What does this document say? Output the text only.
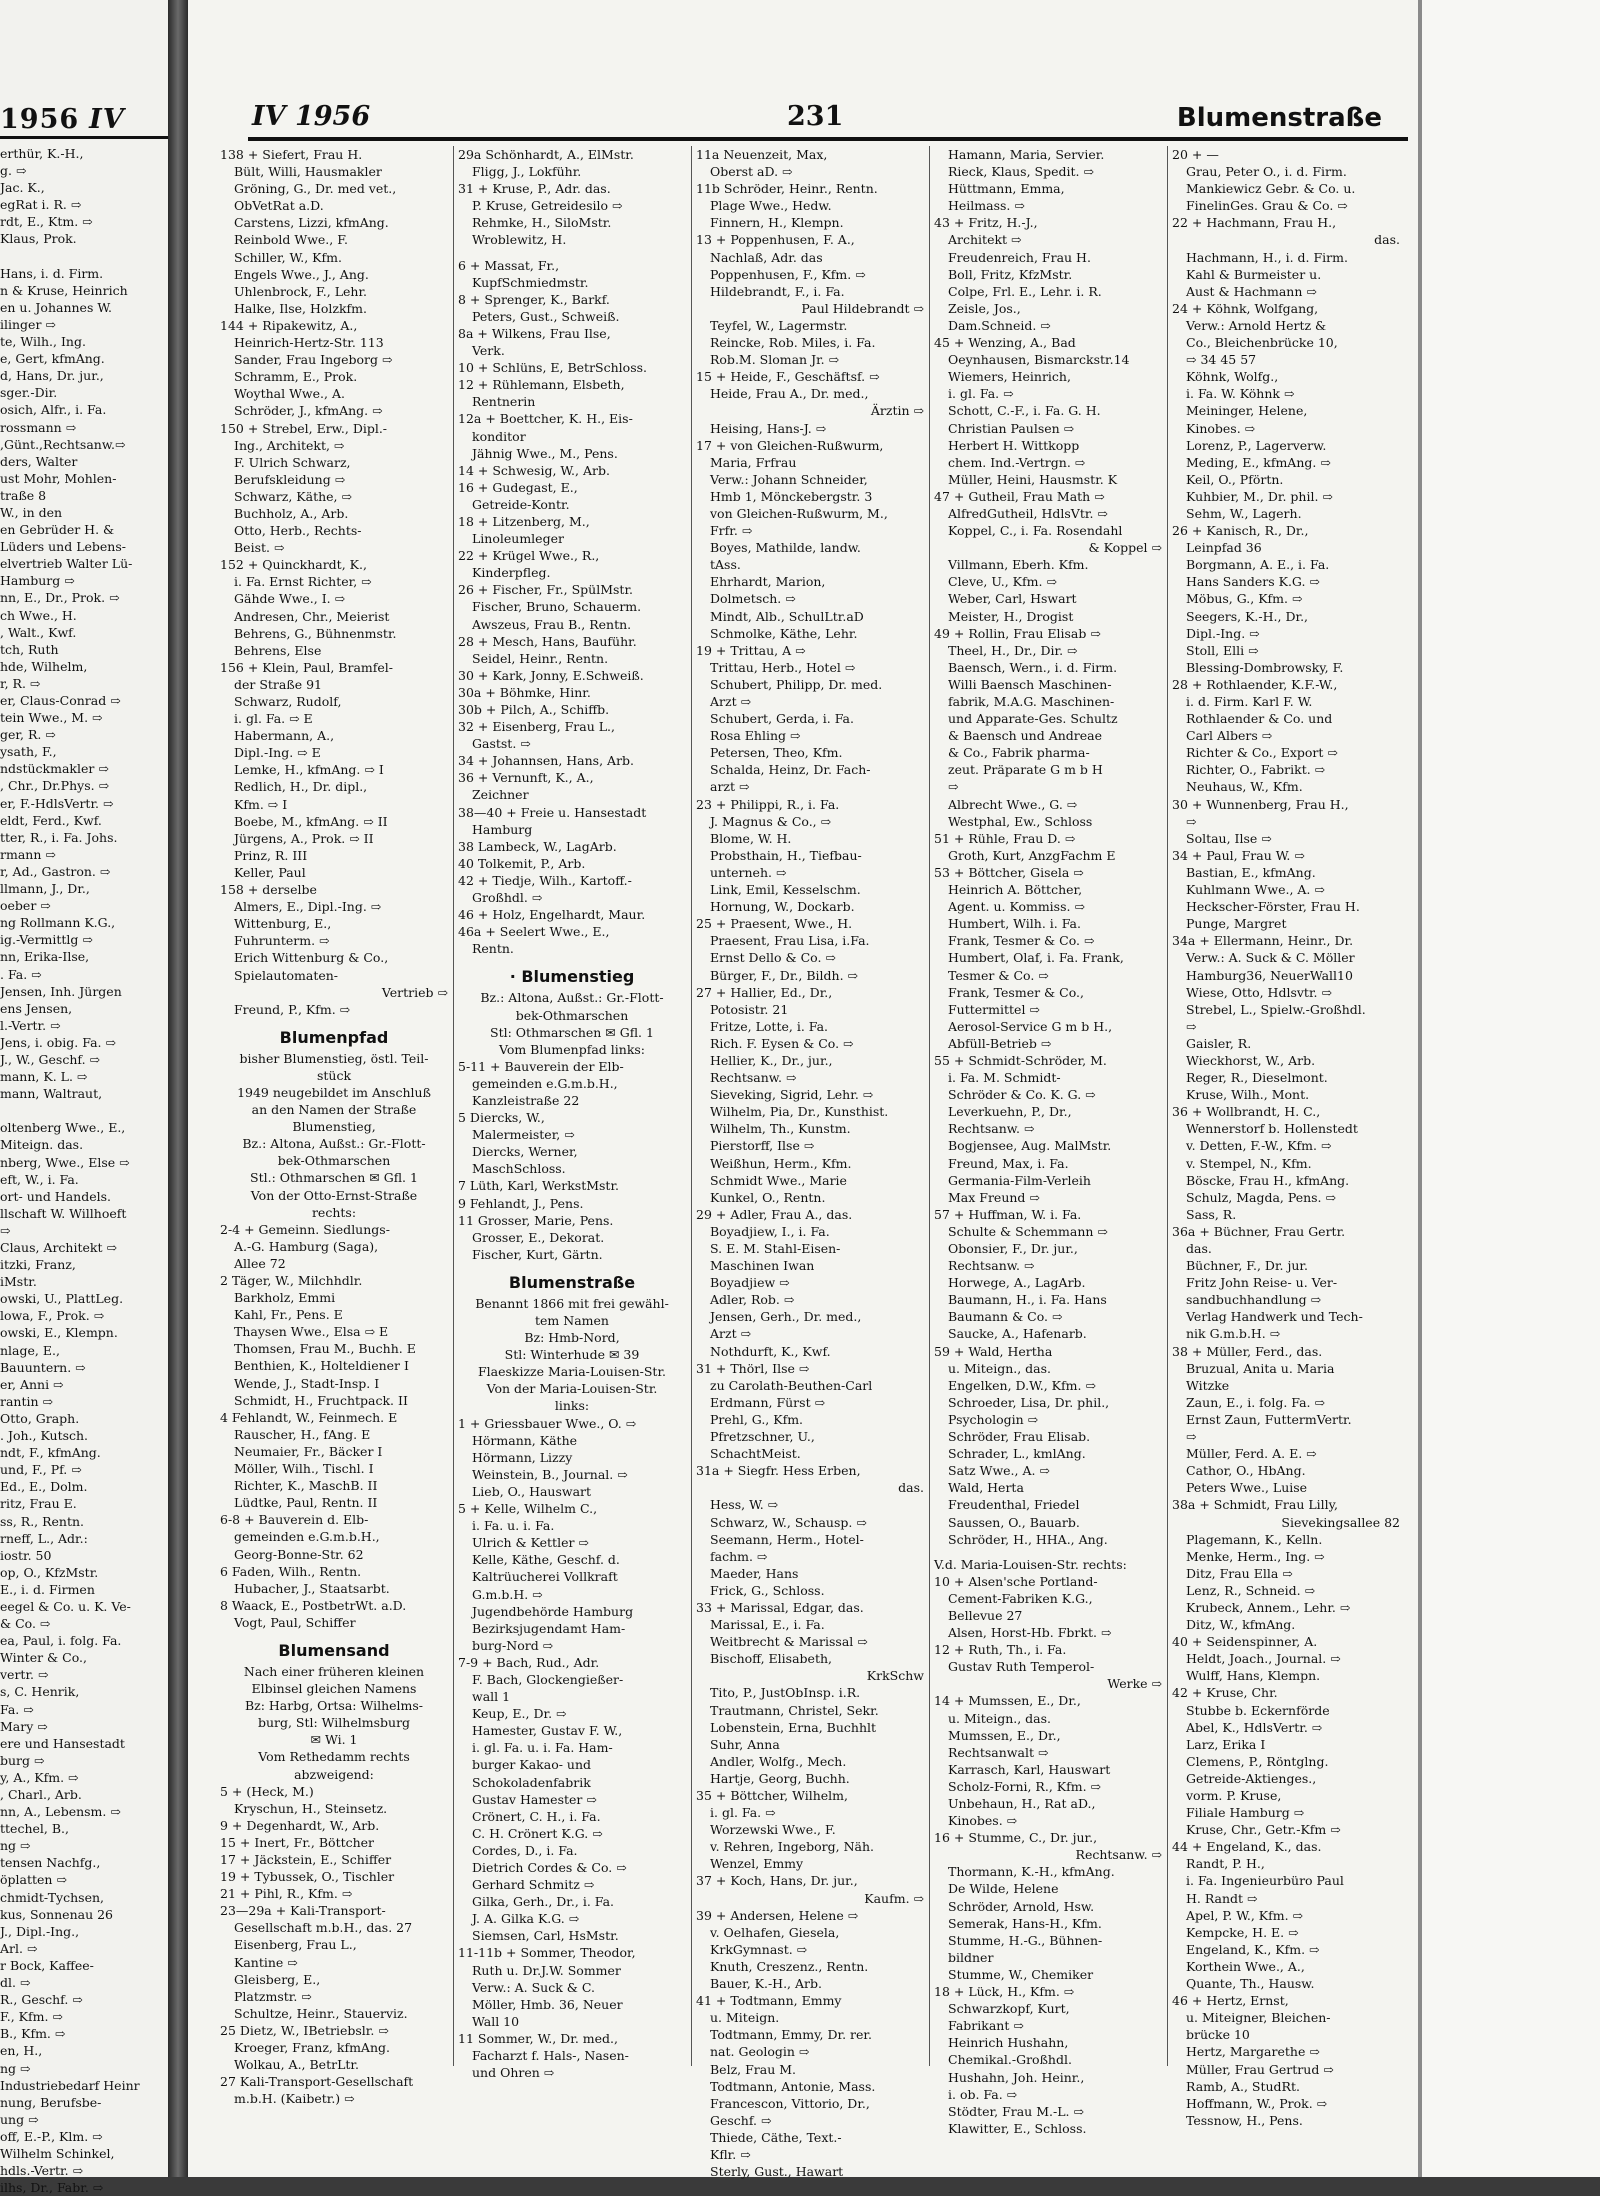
1956 IV
erthür, K.-H.,
g. ⇨
Jac. K.,
egRat i. R. ⇨
rdt, E., Ktm. ⇨
Klaus, Prok.

Hans, i. d. Firm.
n & Kruse, Heinrich
en u. Johannes W.
ilinger ⇨
te, Wilh., Ing.
e, Gert, kfmAng.
d, Hans, Dr. jur.,
sger.-Dir.
osich, Alfr., i. Fa.
rossmann ⇨
,Günt.,Rechtsanw.⇨
ders, Walter
ust Mohr, Mohlen-
traße 8
W., in den
en Gebrüder H. &
Lüders und Lebens-
elvertrieb Walter Lü-
Hamburg ⇨
nn, E., Dr., Prok. ⇨
ch Wwe., H.
, Walt., Kwf.
tch, Ruth
hde, Wilhelm,
r, R. ⇨
er, Claus-Conrad ⇨
tein Wwe., M. ⇨
ger, R. ⇨
ysath, F.,
ndstückmakler ⇨
, Chr., Dr.Phys. ⇨
er, F.-HdlsVertr. ⇨
eldt, Ferd., Kwf.
tter, R., i. Fa. Johs.
rmann ⇨
r, Ad., Gastron. ⇨
llmann, J., Dr.,
oeber ⇨
ng Rollmann K.G.,
ig.-Vermittlg ⇨
nn, Erika-Ilse,
. Fa. ⇨
Jensen, Inh. Jürgen
ens Jensen,
l.-Vertr. ⇨
Jens, i. obig. Fa. ⇨
J., W., Geschf. ⇨
mann, K. L. ⇨
mann, Waltraut,

oltenberg Wwe., E.,
Miteign. das.
nberg, Wwe., Else ⇨
eft, W., i. Fa.
ort- und Handels.
llschaft W. Willhoeft
⇨
Claus, Architekt ⇨
itzki, Franz,
iMstr.
owski, U., PlattLeg.
lowa, F., Prok. ⇨
owski, E., Klempn.
nlage, E.,
Bauuntern. ⇨
er, Anni ⇨
rantin ⇨
Otto, Graph.
. Joh., Kutsch.
ndt, F., kfmAng.
und, F., Pf. ⇨
Ed., E., Dolm.
ritz, Frau E.
ss, R., Rentn.
rneff, L., Adr.:
iostr. 50
op, O., KfzMstr.
E., i. d. Firmen
eegel & Co. u. K. Ve-
& Co. ⇨
ea, Paul, i. folg. Fa.
Winter & Co.,
vertr. ⇨
s, C. Henrik,
Fa. ⇨
Mary ⇨
ere und Hansestadt
burg ⇨
y, A., Kfm. ⇨
, Charl., Arb.
nn, A., Lebensm. ⇨
ttechel, B.,
ng ⇨
tensen Nachfg.,
öplatten ⇨
chmidt-Tychsen,
kus, Sonnenau 26
J., Dipl.-Ing.,
Arl. ⇨
r Bock, Kaffee-
dl. ⇨
R., Geschf. ⇨
F., Kfm. ⇨
B., Kfm. ⇨
en, H.,
ng ⇨
Industriebedarf Heinr
nung, Berufsbe-
ung ⇨
off, E.-P., Klm. ⇨
Wilhelm Schinkel,
hdls.-Vertr. ⇨
ilhs, Dr., Fabr. ⇨
IV 1956	231	Blumenstraße
138 + Siefert, Frau H.
Bült, Willi, Hausmakler
Gröning, G., Dr. med vet.,
ObVetRat a.D.
Carstens, Lizzi, kfmAng.
Reinbold Wwe., F.
Schiller, W., Kfm.
Engels Wwe., J., Ang.
Uhlenbrock, F., Lehr.
Halke, Ilse, Holzkfm.
144 + Ripakewitz, A.,
Heinrich-Hertz-Str. 113
Sander, Frau Ingeborg ⇨
Schramm, E., Prok.
Woythal Wwe., A.
Schröder, J., kfmAng. ⇨
150 + Strebel, Erw., Dipl.-
Ing., Architekt, ⇨
F. Ulrich Schwarz,
Berufskleidung ⇨
Schwarz, Käthe, ⇨
Buchholz, A., Arb.
Otto, Herb., Rechts-
Beist. ⇨
152 + Quinckhardt, K.,
i. Fa. Ernst Richter, ⇨
Gähde Wwe., I. ⇨
Andresen, Chr., Meierist
Behrens, G., Bühnenmstr.
Behrens, Else
156 + Klein, Paul, Bramfel-
der Straße 91
Schwarz, Rudolf,
i. gl. Fa. ⇨ E
Habermann, A.,
Dipl.-Ing. ⇨ E
Lemke, H., kfmAng. ⇨ I
Redlich, H., Dr. dipl.,
Kfm. ⇨ I
Boebe, M., kfmAng. ⇨ II
Jürgens, A., Prok. ⇨ II
Prinz, R. III
Keller, Paul
158 + derselbe
Almers, E., Dipl.-Ing. ⇨
Wittenburg, E.,
Fuhrunterm. ⇨
Erich Wittenburg & Co.,
Spielautomaten-
Vertrieb ⇨
Freund, P., Kfm. ⇨
Blumenpfad
bisher Blumenstieg, östl. Teil-
stück
1949 neugebildet im Anschluß
an den Namen der Straße
Blumenstieg,
Bz.: Altona, Außst.: Gr.-Flott-
bek-Othmarschen
Stl.: Othmarschen ✉ Gfl. 1
Von der Otto-Ernst-Straße
rechts:
2-4 + Gemeinn. Siedlungs-
A.-G. Hamburg (Saga),
Allee 72
2 Täger, W., Milchhdlr.
Barkholz, Emmi
Kahl, Fr., Pens. E
Thaysen Wwe., Elsa ⇨ E
Thomsen, Frau M., Buchh. E
Benthien, K., Holteldiener I
Wende, J., Stadt-Insp. I
Schmidt, H., Fruchtpack. II
4 Fehlandt, W., Feinmech. E
Rauscher, H., fAng. E
Neumaier, Fr., Bäcker I
Möller, Wilh., Tischl. I
Richter, K., MaschB. II
Lüdtke, Paul, Rentn. II
6-8 + Bauverein d. Elb-
gemeinden e.G.m.b.H.,
Georg-Bonne-Str. 62
6 Faden, Wilh., Rentn.
Hubacher, J., Staatsarbt.
8 Waack, E., PostbetrWt. a.D.
Vogt, Paul, Schiffer
Blumensand
Nach einer früheren kleinen
Elbinsel gleichen Namens
Bz: Harbg, Ortsa: Wilhelms-
burg, Stl: Wilhelmsburg
✉ Wi. 1
Vom Rethedamm rechts
abzweigend:
5 + (Heck, M.)
Kryschun, H., Steinsetz.
9 + Degenhardt, W., Arb.
15 + Inert, Fr., Böttcher
17 + Jäckstein, E., Schiffer
19 + Tybussek, O., Tischler
21 + Pihl, R., Kfm. ⇨
23—29a + Kali-Transport-
Gesellschaft m.b.H., das. 27
Eisenberg, Frau L.,
Kantine ⇨
Gleisberg, E.,
Platzmstr. ⇨
Schultze, Heinr., Stauerviz.
25 Dietz, W., IBetriebslr. ⇨
Kroeger, Franz, kfmAng.
Wolkau, A., BetrLtr.
27 Kali-Transport-Gesellschaft
m.b.H. (Kaibetr.) ⇨
29a Schönhardt, A., ElMstr.
Fligg, J., Lokführ.
31 + Kruse, P., Adr. das.
P. Kruse, Getreidesilo ⇨
Rehmke, H., SiloMstr.
Wroblewitz, H.
6 + Massat, Fr.,
KupfSchmiedmstr.
8 + Sprenger, K., Barkf.
Peters, Gust., Schweiß.
8a + Wilkens, Frau Ilse,
Verk.
10 + Schlüns, E, BetrSchloss.
12 + Rühlemann, Elsbeth,
Rentnerin
12a + Boettcher, K. H., Eis-
konditor
Jähnig Wwe., M., Pens.
14 + Schwesig, W., Arb.
16 + Gudegast, E.,
Getreide-Kontr.
18 + Litzenberg, M.,
Linoleumleger
22 + Krügel Wwe., R.,
Kinderpfleg.
26 + Fischer, Fr., SpülMstr.
Fischer, Bruno, Schauerm.
Awszeus, Frau B., Rentn.
28 + Mesch, Hans, Bauführ.
Seidel, Heinr., Rentn.
30 + Kark, Jonny, E.Schweiß.
30a + Böhmke, Hinr.
30b + Pilch, A., Schiffb.
32 + Eisenberg, Frau L.,
Gastst. ⇨
34 + Johannsen, Hans, Arb.
36 + Vernunft, K., A.,
Zeichner
38—40 + Freie u. Hansestadt
Hamburg
38 Lambeck, W., LagArb.
40 Tolkemit, P., Arb.
42 + Tiedje, Wilh., Kartoff.-
Großhdl. ⇨
46 + Holz, Engelhardt, Maur.
46a + Seelert Wwe., E.,
Rentn.
· Blumenstieg
Bz.: Altona, Außst.: Gr.-Flott-
bek-Othmarschen
Stl: Othmarschen ✉ Gfl. 1
Vom Blumenpfad links:
5-11 + Bauverein der Elb-
gemeinden e.G.m.b.H.,
Kanzleistraße 22
5 Diercks, W.,
Malermeister, ⇨
Diercks, Werner,
MaschSchloss.
7 Lüth, Karl, WerkstMstr.
9 Fehlandt, J., Pens.
11 Grosser, Marie, Pens.
Grosser, E., Dekorat.
Fischer, Kurt, Gärtn.
Blumenstraße
Benannt 1866 mit frei gewähl-
tem Namen
Bz: Hmb-Nord,
Stl: Winterhude ✉ 39
Flaeskizze Maria-Louisen-Str.
Von der Maria-Louisen-Str.
links:
1 + Griessbauer Wwe., O. ⇨
Hörmann, Käthe
Hörmann, Lizzy
Weinstein, B., Journal. ⇨
Lieb, O., Hauswart
5 + Kelle, Wilhelm C.,
i. Fa. u. i. Fa.
Ulrich & Kettler ⇨
Kelle, Käthe, Geschf. d.
Kaltrüucherei Vollkraft
G.m.b.H. ⇨
Jugendbehörde Hamburg
Bezirksjugendamt Ham-
burg-Nord ⇨
7-9 + Bach, Rud., Adr.
F. Bach, Glockengießer-
wall 1
Keup, E., Dr. ⇨
Hamester, Gustav F. W.,
i. gl. Fa. u. i. Fa. Ham-
burger Kakao- und
Schokoladenfabrik
Gustav Hamester ⇨
Crönert, C. H., i. Fa.
C. H. Crönert K.G. ⇨
Cordes, D., i. Fa.
Dietrich Cordes & Co. ⇨
Gerhard Schmitz ⇨
Gilka, Gerh., Dr., i. Fa.
J. A. Gilka K.G. ⇨
Siemsen, Carl, HsMstr.
11-11b + Sommer, Theodor,
Ruth u. Dr.J.W. Sommer
Verw.: A. Suck & C.
Möller, Hmb. 36, Neuer
Wall 10
11 Sommer, W., Dr. med.,
Facharzt f. Hals-, Nasen-
und Ohren ⇨
11a Neuenzeit, Max,
Oberst aD. ⇨
11b Schröder, Heinr., Rentn.
Plage Wwe., Hedw.
Finnern, H., Klempn.
13 + Poppenhusen, F. A.,
Nachlaß, Adr. das
Poppenhusen, F., Kfm. ⇨
Hildebrandt, F., i. Fa.
Paul Hildebrandt ⇨
Teyfel, W., Lagermstr.
Reincke, Rob. Miles, i. Fa.
Rob.M. Sloman Jr. ⇨
15 + Heide, F., Geschäftsf. ⇨
Heide, Frau A., Dr. med.,
Ärztin ⇨
Heising, Hans-J. ⇨
17 + von Gleichen-Rußwurm,
Maria, Frfrau
Verw.: Johann Schneider,
Hmb 1, Mönckebergstr. 3
von Gleichen-Rußwurm, M.,
Frfr. ⇨
Boyes, Mathilde, landw.
tAss.
Ehrhardt, Marion,
Dolmetsch. ⇨
Mindt, Alb., SchulLtr.aD
Schmolke, Käthe, Lehr.
19 + Trittau, A ⇨
Trittau, Herb., Hotel ⇨
Schubert, Philipp, Dr. med.
Arzt ⇨
Schubert, Gerda, i. Fa.
Rosa Ehling ⇨
Petersen, Theo, Kfm.
Schalda, Heinz, Dr. Fach-
arzt ⇨
23 + Philippi, R., i. Fa.
J. Magnus & Co., ⇨
Blome, W. H.
Probsthain, H., Tiefbau-
unterneh. ⇨
Link, Emil, Kesselschm.
Hornung, W., Dockarb.
25 + Praesent, Wwe., H.
Praesent, Frau Lisa, i.Fa.
Ernst Dello & Co. ⇨
Bürger, F., Dr., Bildh. ⇨
27 + Hallier, Ed., Dr.,
Potosistr. 21
Fritze, Lotte, i. Fa.
Rich. F. Eysen & Co. ⇨
Hellier, K., Dr., jur.,
Rechtsanw. ⇨
Sieveking, Sigrid, Lehr. ⇨
Wilhelm, Pia, Dr., Kunsthist.
Wilhelm, Th., Kunstm.
Pierstorff, Ilse ⇨
Weißhun, Herm., Kfm.
Schmidt Wwe., Marie
Kunkel, O., Rentn.
29 + Adler, Frau A., das.
Boyadjiew, I., i. Fa.
S. E. M. Stahl-Eisen-
Maschinen Iwan
Boyadjiew ⇨
Adler, Rob. ⇨
Jensen, Gerh., Dr. med.,
Arzt ⇨
Nothdurft, K., Kwf.
31 + Thörl, Ilse ⇨
zu Carolath-Beuthen-Carl
Erdmann, Fürst ⇨
Prehl, G., Kfm.
Pfretzschner, U.,
SchachtMeist.
31a + Siegfr. Hess Erben,
das.
Hess, W. ⇨
Schwarz, W., Schausp. ⇨
Seemann, Herm., Hotel-
fachm. ⇨
Maeder, Hans
Frick, G., Schloss.
33 + Marissal, Edgar, das.
Marissal, E., i. Fa.
Weitbrecht & Marissal ⇨
Bischoff, Elisabeth,
KrkSchw
Tito, P., JustObInsp. i.R.
Trautmann, Christel, Sekr.
Lobenstein, Erna, Buchhlt
Suhr, Anna
Andler, Wolfg., Mech.
Hartje, Georg, Buchh.
35 + Böttcher, Wilhelm,
i. gl. Fa. ⇨
Worzewski Wwe., F.
v. Rehren, Ingeborg, Näh.
Wenzel, Emmy
37 + Koch, Hans, Dr. jur.,
Kaufm. ⇨
39 + Andersen, Helene ⇨
v. Oelhafen, Giesela,
KrkGymnast. ⇨
Knuth, Creszenz., Rentn.
Bauer, K.-H., Arb.
41 + Todtmann, Emmy
u. Miteign.
Todtmann, Emmy, Dr. rer.
nat. Geologin ⇨
Belz, Frau M.
Todtmann, Antonie, Mass.
Francescon, Vittorio, Dr.,
Geschf. ⇨
Thiede, Cäthe, Text.-
Kflr. ⇨
Sterly, Gust., Hawart
Hamann, Maria, Servier.
Rieck, Klaus, Spedit. ⇨
Hüttmann, Emma,
Heilmass. ⇨
43 + Fritz, H.-J.,
Architekt ⇨
Freudenreich, Frau H.
Boll, Fritz, KfzMstr.
Colpe, Frl. E., Lehr. i. R.
Zeisle, Jos.,
Dam.Schneid. ⇨
45 + Wenzing, A., Bad
Oeynhausen, Bismarckstr.14
Wiemers, Heinrich,
i. gl. Fa. ⇨
Schott, C.-F., i. Fa. G. H.
Christian Paulsen ⇨
Herbert H. Wittkopp
chem. Ind.-Vertrgn. ⇨
Müller, Heini, Hausmstr. K
47 + Gutheil, Frau Math ⇨
AlfredGutheil, HdlsVtr. ⇨
Koppel, C., i. Fa. Rosendahl
& Koppel ⇨
Villmann, Eberh. Kfm.
Cleve, U., Kfm. ⇨
Weber, Carl, Hswart
Meister, H., Drogist
49 + Rollin, Frau Elisab ⇨
Theel, H., Dr., Dir. ⇨
Baensch, Wern., i. d. Firm.
Willi Baensch Maschinen-
fabrik, M.A.G. Maschinen-
und Apparate-Ges. Schultz
& Baensch und Andreae
& Co., Fabrik pharma-
zeut. Präparate G m b H
⇨
Albrecht Wwe., G. ⇨
Westphal, Ew., Schloss
51 + Rühle, Frau D. ⇨
Groth, Kurt, AnzgFachm E
53 + Böttcher, Gisela ⇨
Heinrich A. Böttcher,
Agent. u. Kommiss. ⇨
Humbert, Wilh. i. Fa.
Frank, Tesmer & Co. ⇨
Humbert, Olaf, i. Fa. Frank,
Tesmer & Co. ⇨
Frank, Tesmer & Co.,
Futtermittel ⇨
Aerosol-Service G m b H.,
Abfüll-Betrieb ⇨
55 + Schmidt-Schröder, M.
i. Fa. M. Schmidt-
Schröder & Co. K. G. ⇨
Leverkuehn, P., Dr.,
Rechtsanw. ⇨
Bogjensee, Aug. MalMstr.
Freund, Max, i. Fa.
Germania-Film-Verleih
Max Freund ⇨
57 + Huffman, W. i. Fa.
Schulte & Schemmann ⇨
Obonsier, F., Dr. jur.,
Rechtsanw. ⇨
Horwege, A., LagArb.
Baumann, H., i. Fa. Hans
Baumann & Co. ⇨
Saucke, A., Hafenarb.
59 + Wald, Hertha
u. Miteign., das.
Engelken, D.W., Kfm. ⇨
Schroeder, Lisa, Dr. phil.,
Psychologin ⇨
Schröder, Frau Elisab.
Schrader, L., kmlAng.
Satz Wwe., A. ⇨
Wald, Herta
Freudenthal, Friedel
Saussen, O., Bauarb.
Schröder, H., HHA., Ang.
V.d. Maria-Louisen-Str. rechts:
10 + Alsen'sche Portland-
Cement-Fabriken K.G.,
Bellevue 27
Alsen, Horst-Hb. Fbrkt. ⇨
12 + Ruth, Th., i. Fa.
Gustav Ruth Temperol-
Werke ⇨
14 + Mumssen, E., Dr.,
u. Miteign., das.
Mumssen, E., Dr.,
Rechtsanwalt ⇨
Karrasch, Karl, Hauswart
Scholz-Forni, R., Kfm. ⇨
Unbehaun, H., Rat aD.,
Kinobes. ⇨
16 + Stumme, C., Dr. jur.,
Rechtsanw. ⇨
Thormann, K.-H., kfmAng.
De Wilde, Helene
Schröder, Arnold, Hsw.
Semerak, Hans-H., Kfm.
Stumme, H.-G., Bühnen-
bildner
Stumme, W., Chemiker
18 + Lück, H., Kfm. ⇨
Schwarzkopf, Kurt,
Fabrikant ⇨
Heinrich Hushahn,
Chemikal.-Großhdl.
Hushahn, Joh. Heinr.,
i. ob. Fa. ⇨
Stödter, Frau M.-L. ⇨
Klawitter, E., Schloss.
20 + —
Grau, Peter O., i. d. Firm.
Mankiewicz Gebr. & Co. u.
FinelinGes. Grau & Co. ⇨
22 + Hachmann, Frau H.,
das.
Hachmann, H., i. d. Firm.
Kahl & Burmeister u.
Aust & Hachmann ⇨
24 + Köhnk, Wolfgang,
Verw.: Arnold Hertz &
Co., Bleichenbrücke 10,
⇨ 34 45 57
Köhnk, Wolfg.,
i. Fa. W. Köhnk ⇨
Meininger, Helene,
Kinobes. ⇨
Lorenz, P., Lagerverw.
Meding, E., kfmAng. ⇨
Keil, O., Pförtn.
Kuhbier, M., Dr. phil. ⇨
Sehm, W., Lagerh.
26 + Kanisch, R., Dr.,
Leinpfad 36
Borgmann, A. E., i. Fa.
Hans Sanders K.G. ⇨
Möbus, G., Kfm. ⇨
Seegers, K.-H., Dr.,
Dipl.-Ing. ⇨
Stoll, Elli ⇨
Blessing-Dombrowsky, F.
28 + Rothlaender, K.F.-W.,
i. d. Firm. Karl F. W.
Rothlaender & Co. und
Carl Albers ⇨
Richter & Co., Export ⇨
Richter, O., Fabrikt. ⇨
Neuhaus, W., Kfm.
30 + Wunnenberg, Frau H.,
⇨
Soltau, Ilse ⇨
34 + Paul, Frau W. ⇨
Bastian, E., kfmAng.
Kuhlmann Wwe., A. ⇨
Heckscher-Förster, Frau H.
Punge, Margret
34a + Ellermann, Heinr., Dr.
Verw.: A. Suck & C. Möller
Hamburg36, NeuerWall10
Wiese, Otto, Hdlsvtr. ⇨
Strebel, L., Spielw.-Großhdl.
⇨
Gaisler, R.
Wieckhorst, W., Arb.
Reger, R., Dieselmont.
Kruse, Wilh., Mont.
36 + Wollbrandt, H. C.,
Wennerstorf b. Hollenstedt
v. Detten, F.-W., Kfm. ⇨
v. Stempel, N., Kfm.
Böscke, Frau H., kfmAng.
Schulz, Magda, Pens. ⇨
Sass, R.
36a + Büchner, Frau Gertr.
das.
Büchner, F., Dr. jur.
Fritz John Reise- u. Ver-
sandbuchhandlung ⇨
Verlag Handwerk und Tech-
nik G.m.b.H. ⇨
38 + Müller, Ferd., das.
Bruzual, Anita u. Maria
Witzke
Zaun, E., i. folg. Fa. ⇨
Ernst Zaun, FuttermVertr.
⇨
Müller, Ferd. A. E. ⇨
Cathor, O., HbAng.
Peters Wwe., Luise
38a + Schmidt, Frau Lilly,
Sievekingsallee 82
Plagemann, K., Kelln.
Menke, Herm., Ing. ⇨
Ditz, Frau Ella ⇨
Lenz, R., Schneid. ⇨
Krubeck, Annem., Lehr. ⇨
Ditz, W., kfmAng.
40 + Seidenspinner, A.
Heldt, Joach., Journal. ⇨
Wulff, Hans, Klempn.
42 + Kruse, Chr.
Stubbe b. Eckernförde
Abel, K., HdlsVertr. ⇨
Larz, Erika I
Clemens, P., Röntglng.
Getreide-Aktienges.,
vorm. P. Kruse,
Filiale Hamburg ⇨
Kruse, Chr., Getr.-Kfm ⇨
44 + Engeland, K., das.
Randt, P. H.,
i. Fa. Ingenieurbüro Paul
H. Randt ⇨
Apel, P. W., Kfm. ⇨
Kempcke, H. E. ⇨
Engeland, K., Kfm. ⇨
Korthein Wwe., A.,
Quante, Th., Hausw.
46 + Hertz, Ernst,
u. Miteigner, Bleichen-
brücke 10
Hertz, Margarethe ⇨
Müller, Frau Gertrud ⇨
Ramb, A., StudRt.
Hoffmann, W., Prok. ⇨
Tessnow, H., Pens.
